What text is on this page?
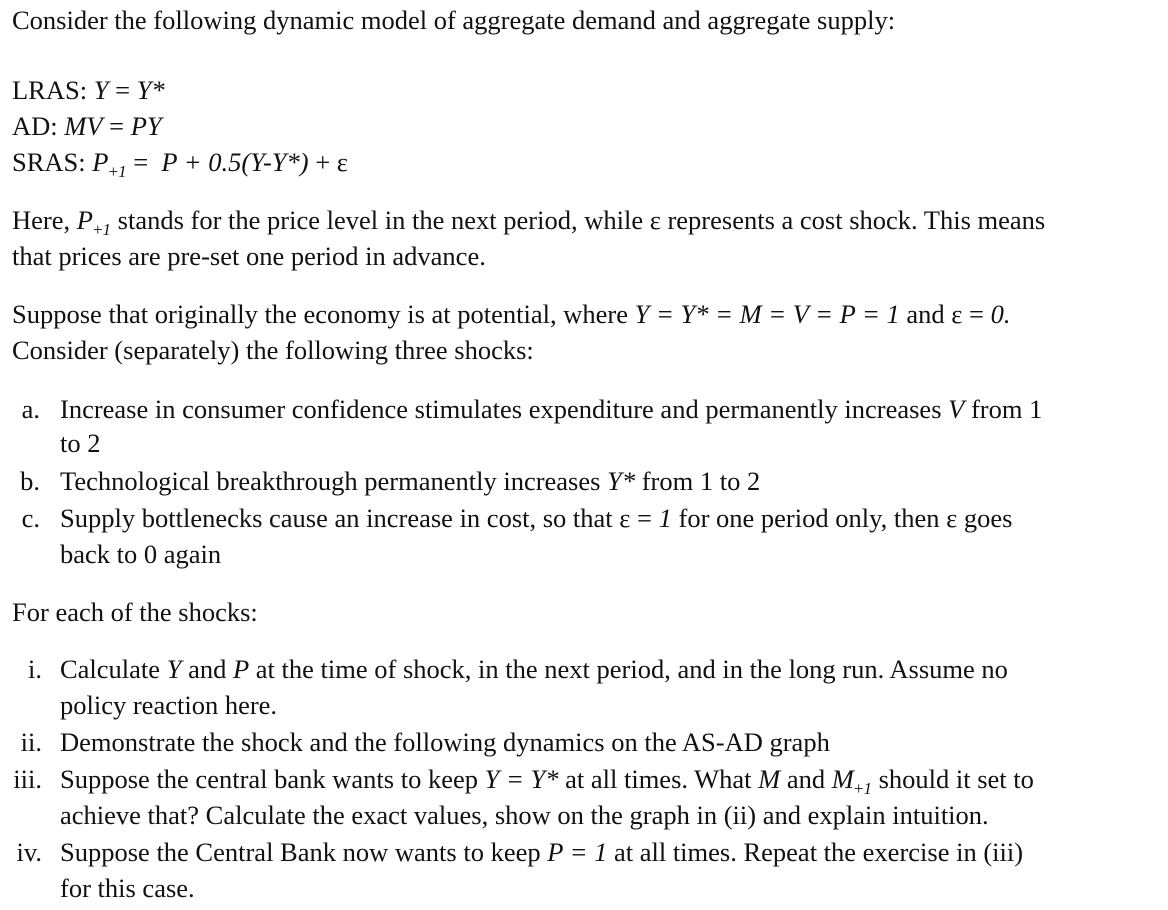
Consider the following dynamic model of aggregate demand and aggregate supply:
LRAS: Y = Y*
AD: MV = PY
SRAS: $P_{+1} = P + 0.5(Y-Y*) + \varepsilon$
Here, $P_{+1}$ stands for the price level in the next period, while ε represents a cost shock. This means
that prices are pre-set one period in advance.
Suppose that originally the economy is at potential, where Y = Y* = M = V = P = 1 and ε = 0.
Consider (separately) the following three shocks:
a. Increase in consumer confidence stimulates expenditure and permanently increases V from 1
to 2
b. Technological breakthrough permanently increases Y* from 1 to 2
c. Supply bottlenecks cause an increase in cost, so that ε = 1 for one period only, then ε goes
back to 0 again
For each of the shocks:
i. Calculate Y and P at the time of shock, in the next period, and in the long run. Assume no
policy reaction here.
ii. Demonstrate the shock and the following dynamics on the AS-AD graph
iii. Suppose the central bank wants to keep Y = Y* at all times. What M and $M_{+1}$ should it set to
achieve that? Calculate the exact values, show on the graph in (ii) and explain intuition.
iv. Suppose the Central Bank now wants to keep P = 1 at all times. Repeat the exercise in (iii)
for this case.
